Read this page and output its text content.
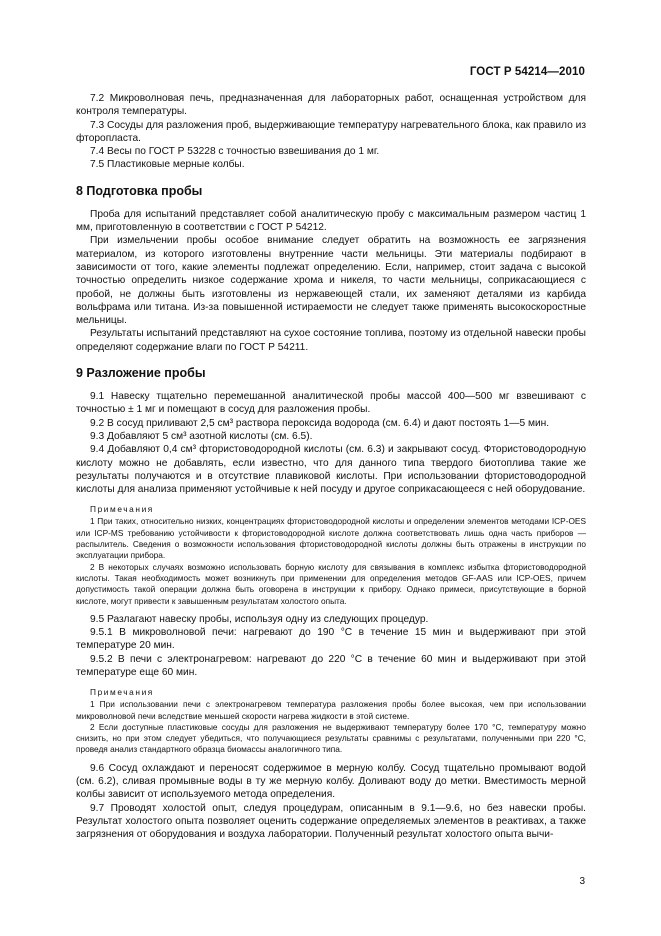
ГОСТ Р 54214—2010

7.2 Микроволновая печь, предназначенная для лабораторных работ, оснащенная устройством для контроля температуры.

7.3 Сосуды для разложения проб, выдерживающие температуру нагревательного блока, как правило из фторопласта.

7.4 Весы по ГОСТ Р 53228 с точностью взвешивания до 1 мг.

7.5 Пластиковые мерные колбы.

8 Подготовка пробы

Проба для испытаний представляет собой аналитическую пробу с максимальным размером частиц 1 мм, приготовленную в соответствии с ГОСТ Р 54212.

При измельчении пробы особое внимание следует обратить на возможность ее загрязнения материалом, из которого изготовлены внутренние части мельницы. Эти материалы подбирают в зависимости от того, какие элементы подлежат определению. Если, например, стоит задача с высокой точностью определить низкое содержание хрома и никеля, то части мельницы, соприкасающиеся с пробой, не должны быть изготовлены из нержавеющей стали, их заменяют деталями из карбида вольфрама или титана. Из-за повышенной истираемости не следует также применять высокоскоростные мельницы.

Результаты испытаний представляют на сухое состояние топлива, поэтому из отдельной навески пробы определяют содержание влаги по ГОСТ Р 54211.

9 Разложение пробы

9.1 Навеску тщательно перемешанной аналитической пробы массой 400—500 мг взвешивают с точностью ± 1 мг и помещают в сосуд для разложения пробы.

9.2 В сосуд приливают 2,5 см³ раствора пероксида водорода (см. 6.4) и дают постоять 1—5 мин.

9.3 Добавляют 5 см³ азотной кислоты (см. 6.5).

9.4 Добавляют 0,4 см³ фтористоводородной кислоты (см. 6.3) и закрывают сосуд. Фтористоводородную кислоту можно не добавлять, если известно, что для данного типа твердого биотоплива такие же результаты получаются и в отсутствие плавиковой кислоты. При использовании фтористоводородной кислоты для анализа применяют устойчивые к ней посуду и другое соприкасающееся с ней оборудование.

Примечания

1 При таких, относительно низких, концентрациях фтористоводородной кислоты и определении элементов методами ICP-OES или ICP-MS требованию устойчивости к фтористоводородной кислоте должна соответствовать лишь одна часть приборов — распылитель. Сведения о возможности использования фтористоводородной кислоты должны быть отражены в инструкции по эксплуатации прибора.

2 В некоторых случаях возможно использовать борную кислоту для связывания в комплекс избытка фтористоводородной кислоты. Такая необходимость может возникнуть при применении для определения методов GF-AAS или ICP-OES, причем допустимость такой операции должна быть оговорена в инструкции к прибору. Однако примеси, присутствующие в борной кислоте, могут привести к завышенным результатам холостого опыта.

9.5 Разлагают навеску пробы, используя одну из следующих процедур.

9.5.1 В микроволновой печи: нагревают до 190 °С в течение 15 мин и выдерживают при этой температуре 20 мин.

9.5.2 В печи с электронагревом: нагревают до 220 °С в течение 60 мин и выдерживают при этой температуре еще 60 мин.

Примечания

1 При использовании печи с электронагревом температура разложения пробы более высокая, чем при использовании микроволновой печи вследствие меньшей скорости нагрева жидкости в этой системе.

2 Если доступные пластиковые сосуды для разложения не выдерживают температуру более 170 °С, температуру можно снизить, но при этом следует убедиться, что получающиеся результаты сравнимы с результатами, полученными при 220 °С, проведя анализ стандартного образца биомассы аналогичного типа.

9.6 Сосуд охлаждают и переносят содержимое в мерную колбу. Сосуд тщательно промывают водой (см. 6.2), сливая промывные воды в ту же мерную колбу. Доливают воду до метки. Вместимость мерной колбы зависит от используемого метода определения.

9.7 Проводят холостой опыт, следуя процедурам, описанным в 9.1—9.6, но без навески пробы. Результат холостого опыта позволяет оценить содержание определяемых элементов в реактивах, а также загрязнения от оборудования и воздуха лаборатории. Полученный результат холостого опыта вычи-

3
